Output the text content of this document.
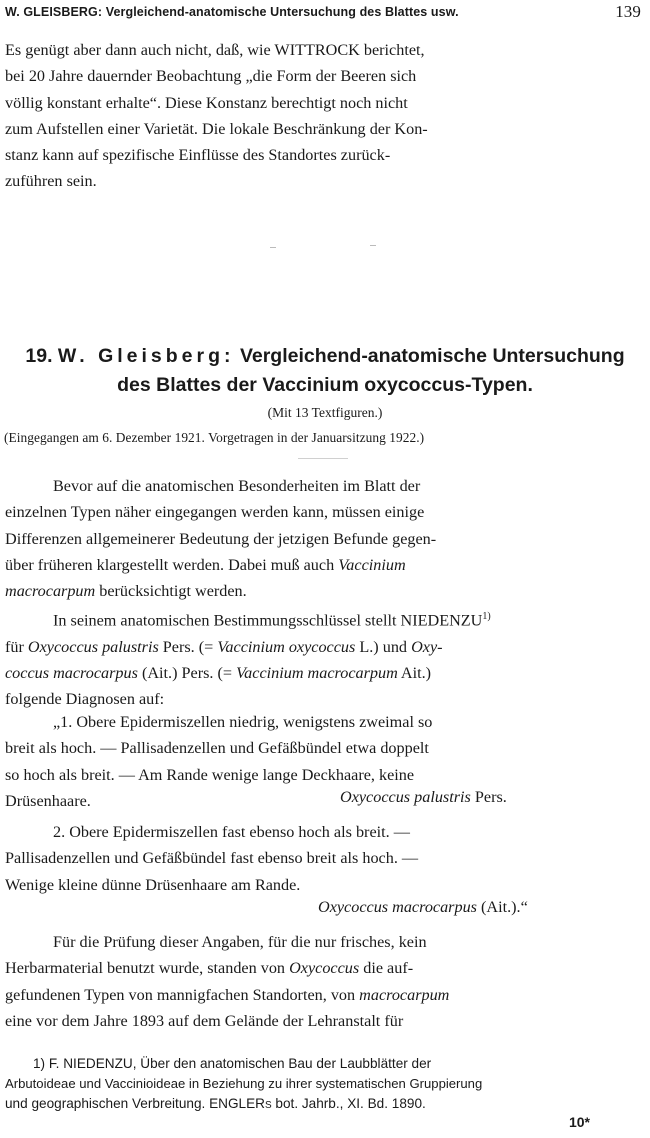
W. GLEISBERG: Vergleichend-anatomische Untersuchung des Blattes usw.	139
Es genügt aber dann auch nicht, daß, wie WITTROCK berichtet,
bei 20 Jahre dauernder Beobachtung „die Form der Beeren sich
völlig konstant erhalte“. Diese Konstanz berechtigt noch nicht
zum Aufstellen einer Varietät. Die lokale Beschränkung der Kon-
stanz kann auf spezifische Einflüsse des Standortes zurück-
zuführen sein.
19. W. Gleisberg: Vergleichend-anatomische Untersuchung
des Blattes der Vaccinium oxycoccus-Typen.
(Mit 13 Textfiguren.)
(Eingegangen am 6. Dezember 1921. Vorgetragen in der Januarsitzung 1922.)
Bevor auf die anatomischen Besonderheiten im Blatt der
einzelnen Typen näher eingegangen werden kann, müssen einige
Differenzen allgemeinerer Bedeutung der jetzigen Befunde gegen-
über früheren klargestellt werden. Dabei muß auch Vaccinium
macrocarpum berücksichtigt werden.
In seinem anatomischen Bestimmungsschlüssel stellt NIEDENZU$^{1)}$
für Oxycoccus palustris Pers. (= Vaccinium oxycoccus L.) und Oxy-
coccus macrocarpus (Ait.) Pers. (= Vaccinium macrocarpum Ait.)
folgende Diagnosen auf:
„1. Obere Epidermiszellen niedrig, wenigstens zweimal so
breit als hoch. — Pallisadenzellen und Gefäßbündel etwa doppelt
so hoch als breit. — Am Rande wenige lange Deckhaare, keine
Drüsenhaare.	Oxycoccus palustris Pers.
2. Obere Epidermiszellen fast ebenso hoch als breit. —
Pallisadenzellen und Gefäßbündel fast ebenso breit als hoch. —
Wenige kleine dünne Drüsenhaare am Rande.
Oxycoccus macrocarpus (Ait.).“
Für die Prüfung dieser Angaben, für die nur frisches, kein
Herbarmaterial benutzt wurde, standen von Oxycoccus die auf-
gefundenen Typen von mannigfachen Standorten, von macrocarpum
eine vor dem Jahre 1893 auf dem Gelände der Lehranstalt für
1) F. NIEDENZU, Über den anatomischen Bau der Laubblätter der
Arbutoideae und Vaccinioideae in Beziehung zu ihrer systematischen Gruppierung
und geographischen Verbreitung. ENGLERs bot. Jahrb., XI. Bd. 1890.
10*
